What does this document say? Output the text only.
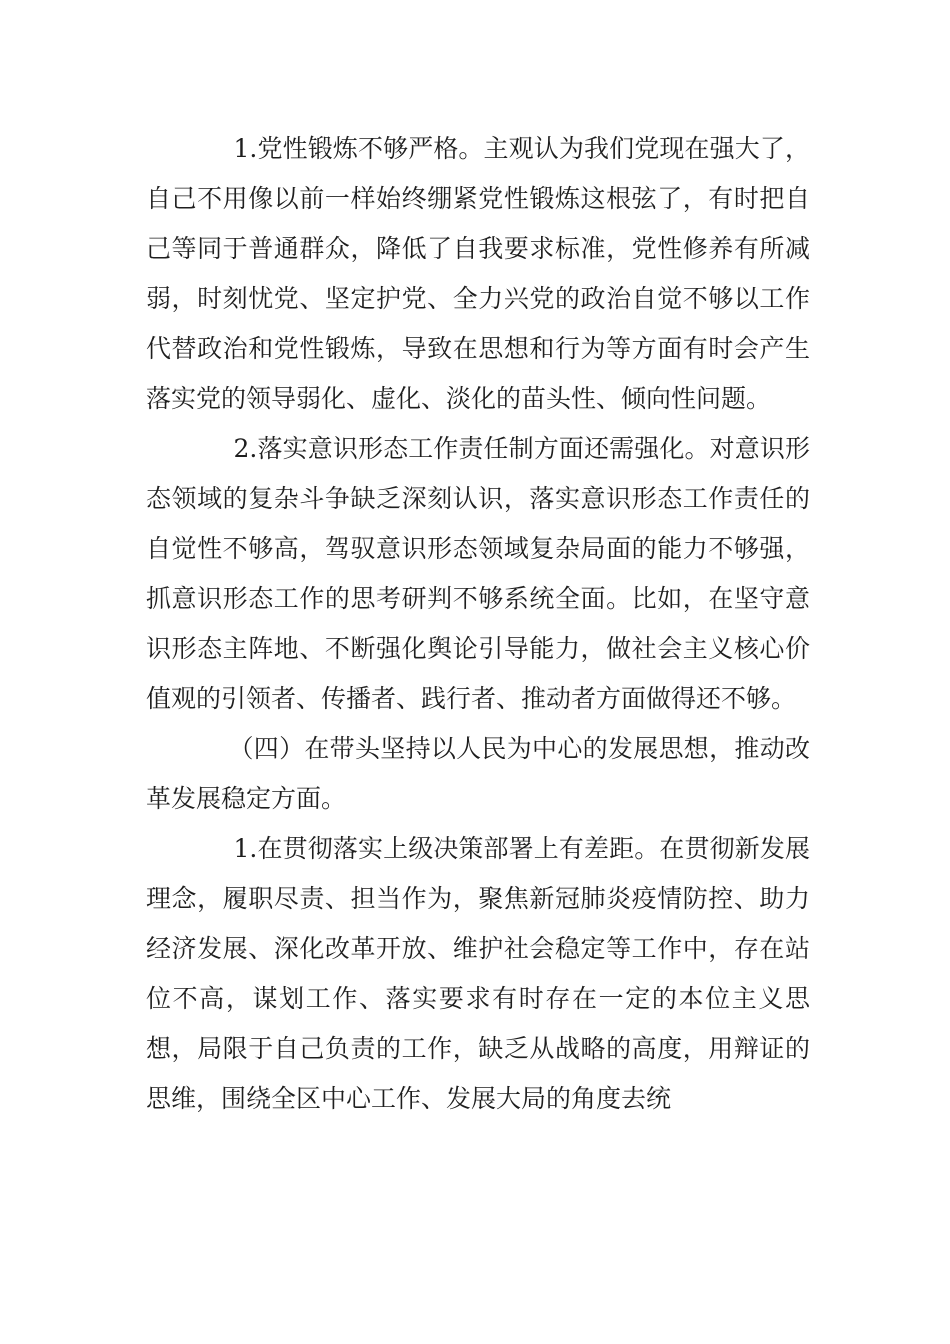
1.党性锻炼不够严格。主观认为我们党现在强大了，自己不用像以前一样始终绷紧党性锻炼这根弦了，有时把自己等同于普通群众，降低了自我要求标准，党性修养有所减弱，时刻忧党、坚定护党、全力兴党的政治自觉不够以工作代替政治和党性锻炼，导致在思想和行为等方面有时会产生落实党的领导弱化、虚化、淡化的苗头性、倾向性问题。

2.落实意识形态工作责任制方面还需强化。对意识形态领域的复杂斗争缺乏深刻认识，落实意识形态工作责任的自觉性不够高，驾驭意识形态领域复杂局面的能力不够强，抓意识形态工作的思考研判不够系统全面。比如，在坚守意识形态主阵地、不断强化舆论引导能力，做社会主义核心价值观的引领者、传播者、践行者、推动者方面做得还不够。

（四）在带头坚持以人民为中心的发展思想，推动改革发展稳定方面。

1.在贯彻落实上级决策部署上有差距。在贯彻新发展理念，履职尽责、担当作为，聚焦新冠肺炎疫情防控、助力经济发展、深化改革开放、维护社会稳定等工作中，存在站位不高，谋划工作、落实要求有时存在一定的本位主义思想，局限于自己负责的工作，缺乏从战略的高度，用辩证的思维，围绕全区中心工作、发展大局的角度去统
